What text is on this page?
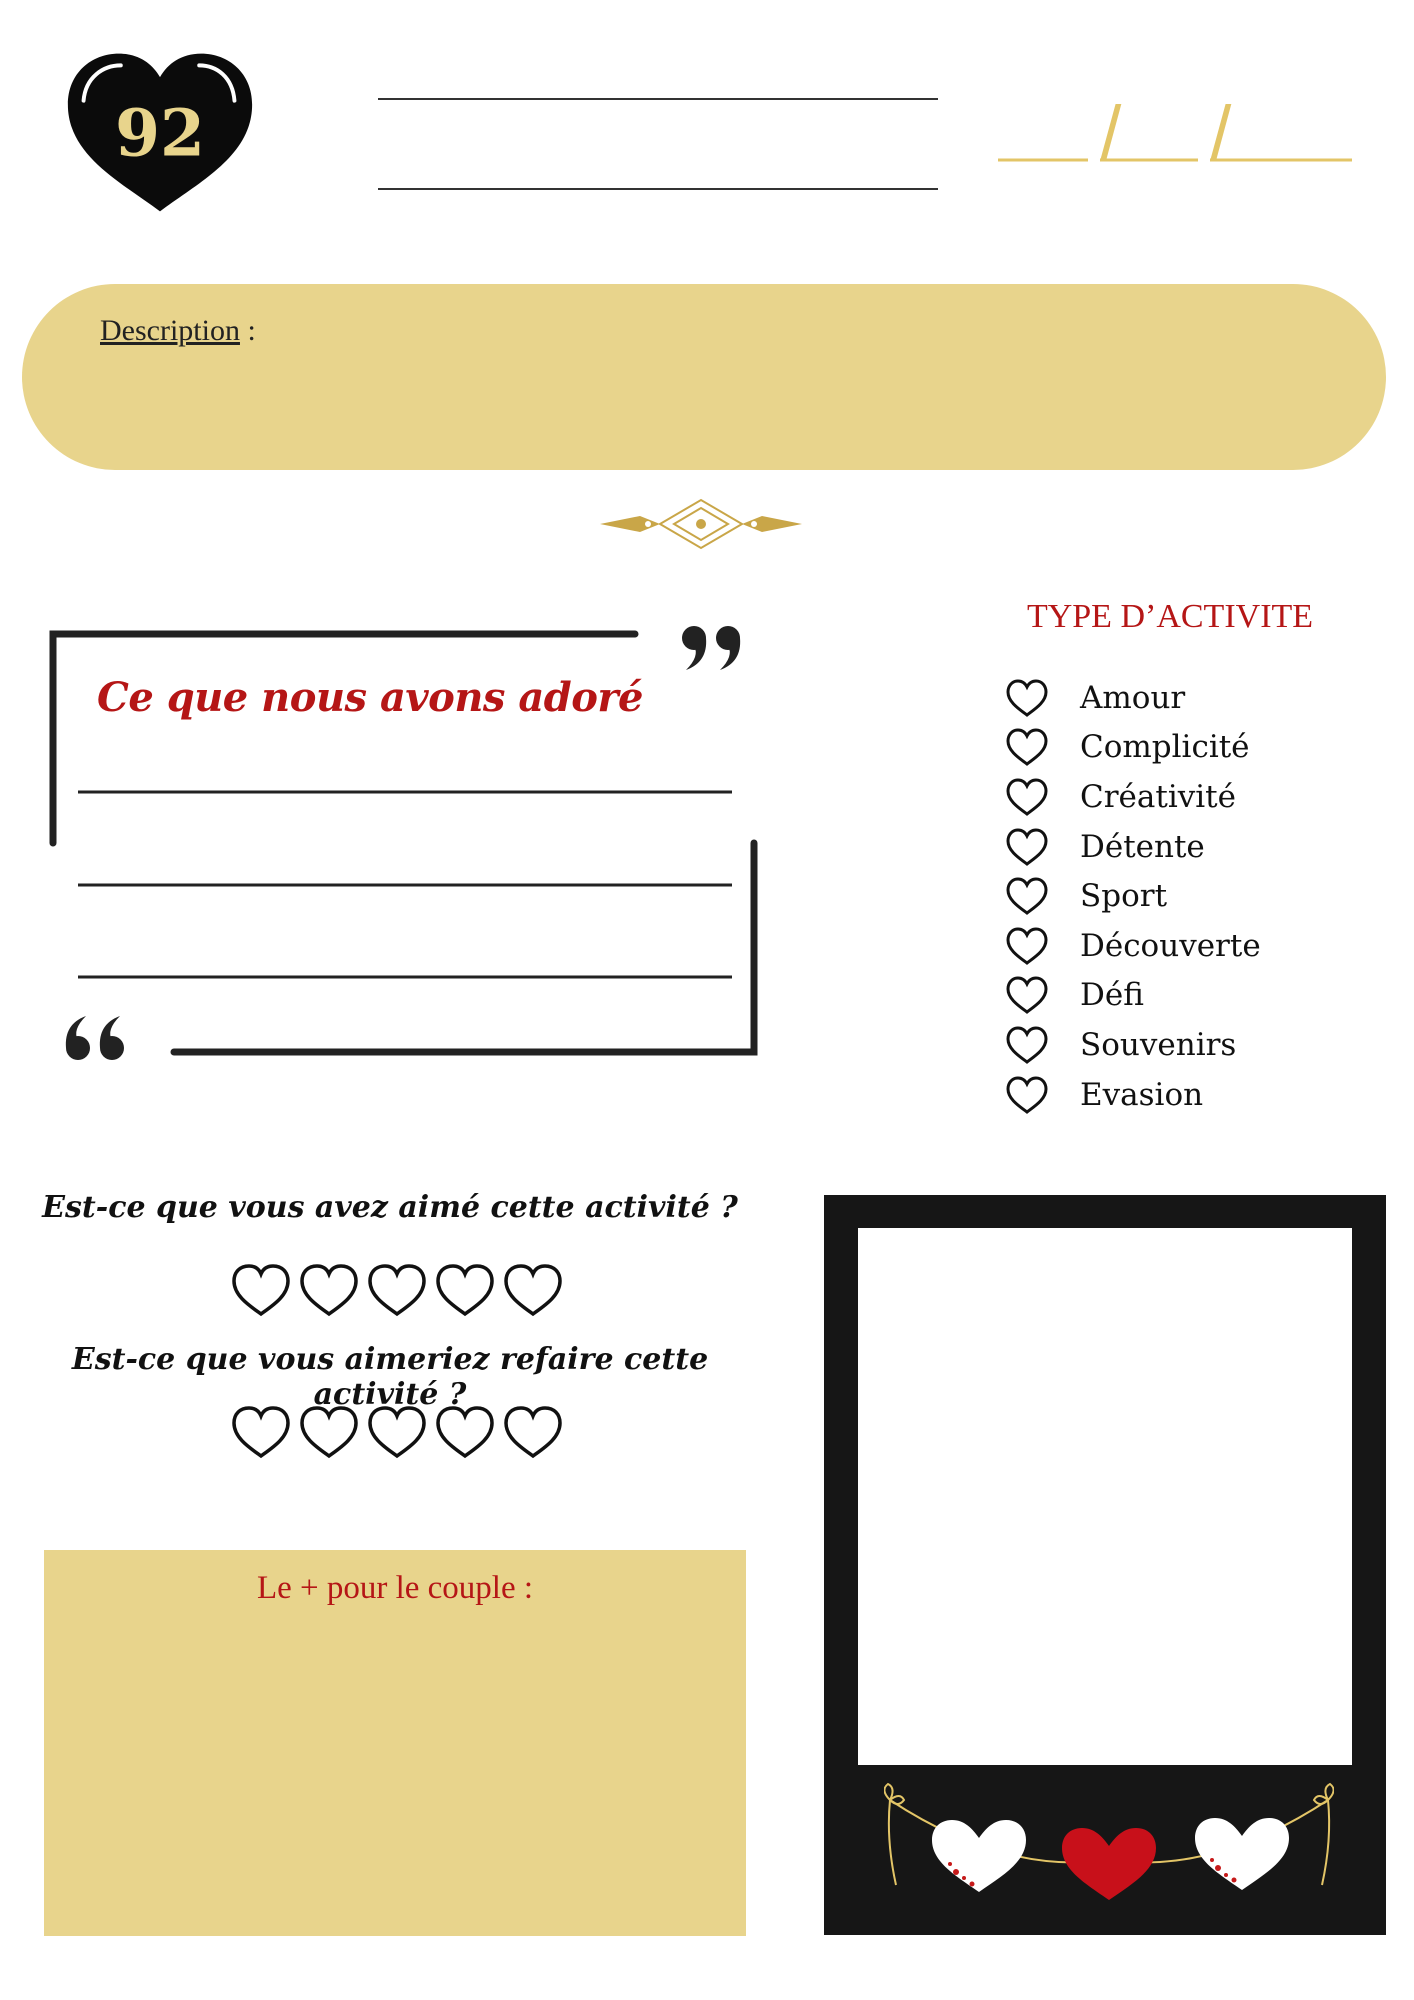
92	/ /
Description :
Ce que nous avons adoré
TYPE D’ACTIVITE
Amour
Complicité
Créativité
Détente
Sport
Découverte
Défi
Souvenirs
Evasion
Est-ce que vous avez aimé cette activité ?
Est-ce que vous aimeriez refaire cette activité ?
Le + pour le couple :
